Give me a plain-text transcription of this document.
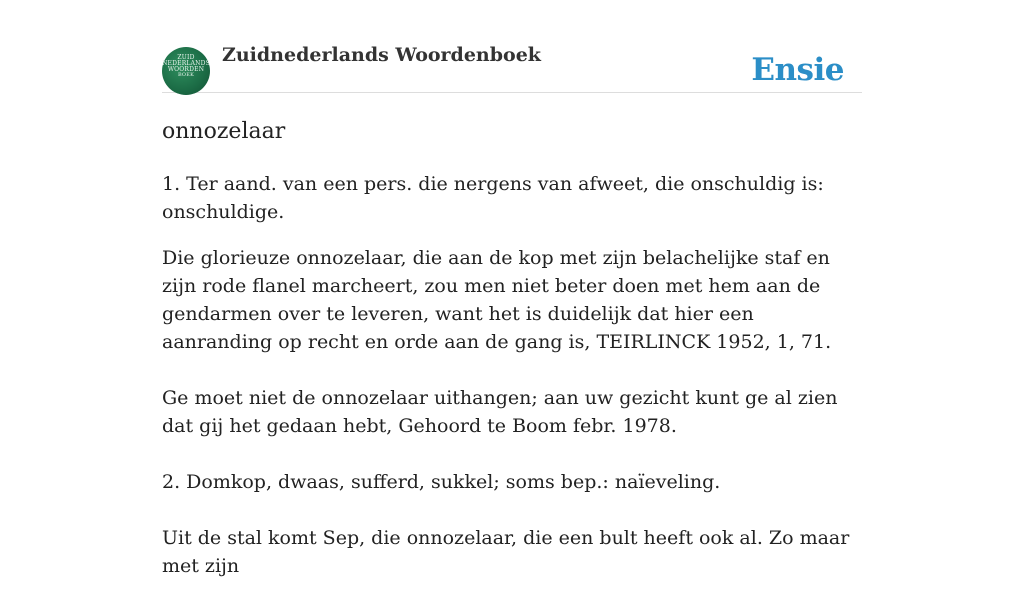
ZUID
NEDERLANDS
WOORDEN
BOEK
Zuidnederlands Woordenboek	Ensie
onnozelaar

1. Ter aand. van een pers. die nergens van afweet, die onschuldig is: onschuldige.

Die glorieuze onnozelaar, die aan de kop met zijn belachelijke staf en zijn rode flanel marcheert, zou men niet beter doen met hem aan de gendarmen over te leveren, want het is duidelijk dat hier een aanranding op recht en orde aan de gang is, TEIRLINCK 1952, 1, 71.

Ge moet niet de onnozelaar uithangen; aan uw gezicht kunt ge al zien dat gij het gedaan hebt, Gehoord te Boom febr. 1978.

2. Domkop, dwaas, sufferd, sukkel; soms bep.: naïeveling.

Uit de stal komt Sep, die onnozelaar, die een bult heeft ook al. Zo maar met zijn
